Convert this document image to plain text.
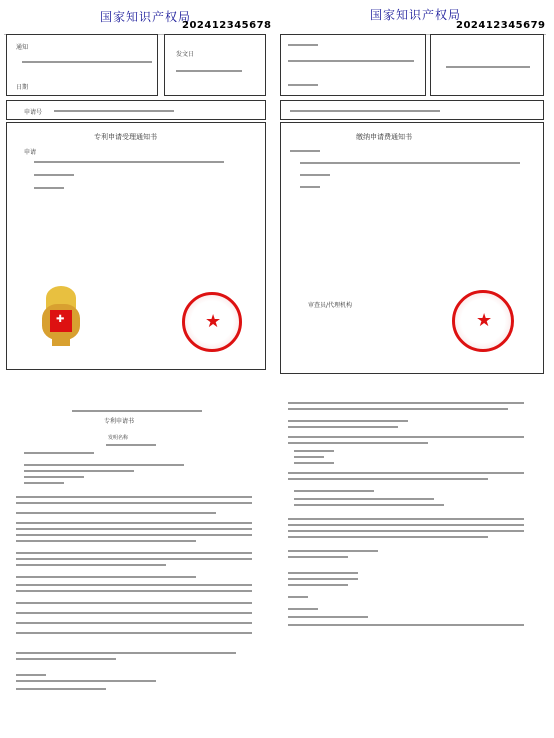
国家知识产权局
202412345678
通知
日期
发文日
申请号
专利申请受理通知书
申请
✚	★
国家知识产权局
202412345679
缴纳申请费通知书
审查员/代理机构
★
专利申请书
发明名称
